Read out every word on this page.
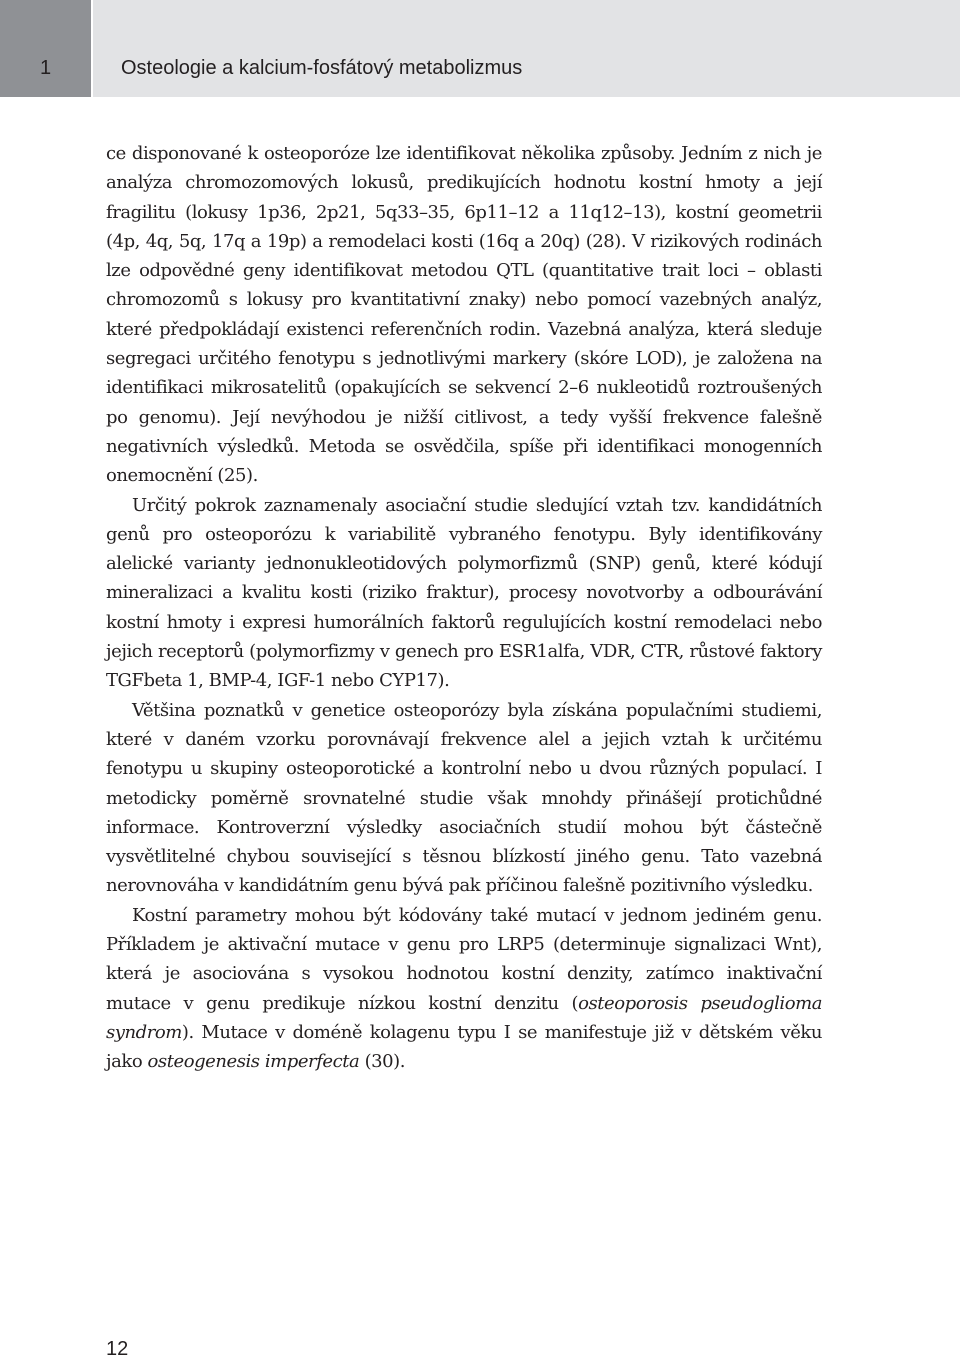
1	Osteologie a kalcium-fosfátový metabolizmus

ce disponované k osteoporóze lze identifikovat několika způsoby. Jedním z nich je analýza chromozomových lokusů, predikujících hodnotu kostní hmoty a její fragilitu (lokusy 1p36, 2p21, 5q33–35, 6p11–12 a 11q12–13), kostní geometrii (4p, 4q, 5q, 17q a 19p) a remodelaci kosti (16q a 20q) (28). V rizikových rodinách lze odpovědné geny identifikovat metodou QTL (quantitative trait loci – oblasti chromozomů s lokusy pro kvantitativní znaky) nebo pomocí vazebných analýz, které předpokládají existenci referenčních rodin. Vazebná analýza, která sleduje segregaci určitého fenotypu s jednotlivými markery (skóre LOD), je založena na identifikaci mikrosatelitů (opakujících se sekvencí 2–6 nukleotidů roztroušených po genomu). Její nevýhodou je nižší citlivost, a tedy vyšší frekvence falešně negativních výsledků. Metoda se osvědčila, spíše při identifikaci monogenních onemocnění (25).

Určitý pokrok zaznamenaly asociační studie sledující vztah tzv. kandidátních genů pro osteoporózu k variabilitě vybraného fenotypu. Byly identifikovány alelické varianty jednonukleotidových polymorfizmů (SNP) genů, které kódují mineralizaci a kvalitu kosti (riziko fraktur), procesy novotvorby a odbourávání kostní hmoty i expresi humorálních faktorů regulujících kostní remodelaci nebo jejich receptorů (polymorfizmy v genech pro ESR1alfa, VDR, CTR, růstové faktory TGFbeta 1, BMP-4, IGF-1 nebo CYP17).

Většina poznatků v genetice osteoporózy byla získána populačními studiemi, které v daném vzorku porovnávají frekvence alel a jejich vztah k určitému fenotypu u skupiny osteoporotické a kontrolní nebo u dvou různých populací. I metodicky poměrně srovnatelné studie však mnohdy přinášejí protichůdné informace. Kontroverzní výsledky asociačních studií mohou být částečně vysvětlitelné chybou související s těsnou blízkostí jiného genu. Tato vazebná nerovnováha v kandidátním genu bývá pak příčinou falešně pozitivního výsledku.

Kostní parametry mohou být kódovány také mutací v jednom jediném genu. Příkladem je aktivační mutace v genu pro LRP5 (determinuje signalizaci Wnt), která je asociována s vysokou hodnotou kostní denzity, zatímco inaktivační mutace v genu predikuje nízkou kostní denzitu (osteoporosis pseudoglioma syndrom). Mutace v doméně kolagenu typu I se manifestuje již v dětském věku jako osteogenesis imperfecta (30).

12
